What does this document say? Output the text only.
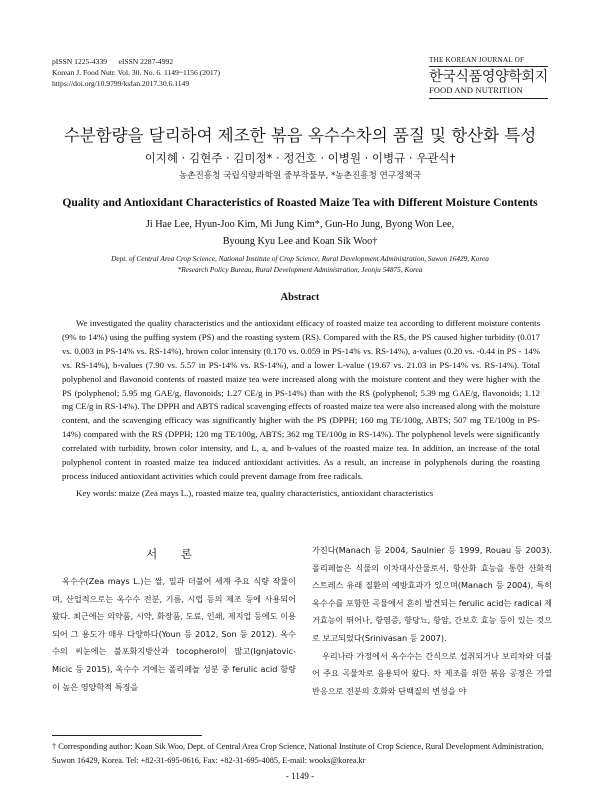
pISSN 1225-4339      eISSN 2287-4992
Korean J. Food Nutr. Vol. 30. No. 6. 1149~1156 (2017)
https://doi.org/10.9799/ksfan.2017.30.6.1149
THE KOREAN JOURNAL OF
한국식품영양학회지
FOOD AND NUTRITION
수분함량을 달리하여 제조한 볶음 옥수수차의 품질 및 항산화 특성
이지혜 · 김현주 · 김미정* · 정건호 · 이병원 · 이병규 · 우관식†
농촌진흥청 국립식량과학원 중부작물부, *농촌진흥청 연구정책국
Quality and Antioxidant Characteristics of Roasted Maize Tea with Different Moisture Contents
Ji Hae Lee, Hyun-Joo Kim, Mi Jung Kim*, Gun-Ho Jung, Byong Won Lee,
Byoung Kyu Lee and Koan Sik Woo†
Dept. of Central Area Crop Science, National Institute of Crop Science, Rural Development Administration, Suwon 16429, Korea
*Research Policy Bureau, Rural Development Administration, Jeonju 54875, Korea
Abstract

We investigated the quality characteristics and the antioxidant efficacy of roasted maize tea according to different moisture contents (9% to 14%) using the puffing system (PS) and the roasting system (RS). Compared with the RS, the PS caused higher turbidity (0.017 vs. 0.003 in PS-14% vs. RS-14%), brown color intensity (0.170 vs. 0.059 in PS-14% vs. RS-14%), a-values (0.20 vs. -0.44 in PS - 14% vs. RS-14%), b-values (7.90 vs. 5.57 in PS-14% vs. RS-14%), and a lower L-value (19.67 vs. 21.03 in PS-14% vs. RS-14%). Total polyphenol and flavonoid contents of roasted maize tea were increased along with the moisture content and they were higher with the PS (polyphenol; 5.95 mg GAE/g, flavonoids; 1.27 CE/g in PS-14%) than with the RS (polyphenol; 5.39 mg GAE/g, flavonoids; 1.12 mg CE/g in RS-14%). The DPPH and ABTS radical scavenging effects of roasted maize tea were also increased along with the moisture content, and the scavenging efficacy was significantly higher with the PS (DPPH; 160 mg TE/100g, ABTS; 507 mg TE/100g in PS-14%) compared with the RS (DPPH; 120 mg TE/100g, ABTS; 362 mg TE/100g in RS-14%). The polyphenol levels were significantly correlated with turbidity, brown color intensity, and L, a, and b-values of the roasted maize tea. In addition, an increase of the total polyphenol content in roasted maize tea induced antioxidant activities. As a result, an increase in polyphenols during the roasting process induced antioxidant activities which could prevent damage from free radicals.

Key words: maize (Zea mays L.), roasted maize tea, quality characteristics, antioxidant characteristics
서 론

옥수수(Zea mays L.)는 쌀, 밀과 더불어 세계 주요 식량 작물이며, 산업적으로는 옥수수 전분, 기름, 시럽 등의 제조 등에 사용되어 왔다. 최근에는 의약품, 시약, 화장품, 도료, 인쇄, 제지업 등에도 이용되어 그 용도가 매우 다양하다(Youn 등 2012, Son 등 2012). 옥수수의 씨눈에는 불포화지방산과 tocopherol이 많고(Ignjatovic-Micic 등 2015), 옥수수 겨에는 폴리페놀 성분 중 ferulic acid 함량이 높은 영양학적 특징을

가진다(Manach 등 2004, Saulnier 등 1999, Rouau 등 2003). 폴리페놀은 식물의 이차대사산물로서, 항산화 효능을 통한 산화적 스트레스 유래 질환의 예방효과가 있으며(Manach 등 2004), 특히 옥수수를 포함한 곡물에서 흔히 발견되는 ferulic acid는 radical 제거효능이 뛰어나, 항염증, 항당뇨, 항암, 간보호 효능 등이 있는 것으로 보고되었다(Srinivasan 등 2007).

우리나라 가정에서 옥수수는 간식으로 섭취되거나 보리차와 더불어 주요 곡물차로 음용되어 왔다. 차 제조를 위한 볶음 공정은 가열 반응으로 전분의 호화와 단백질의 변성을 야

† Corresponding author: Koan Sik Woo, Dept. of Central Area Crop Science, National Institute of Crop Science, Rural Development Administration, Suwon 16429, Korea. Tel: +82-31-695-0616, Fax: +82-31-695-4085, E-mail: wooks@korea.kr
- 1149 -
